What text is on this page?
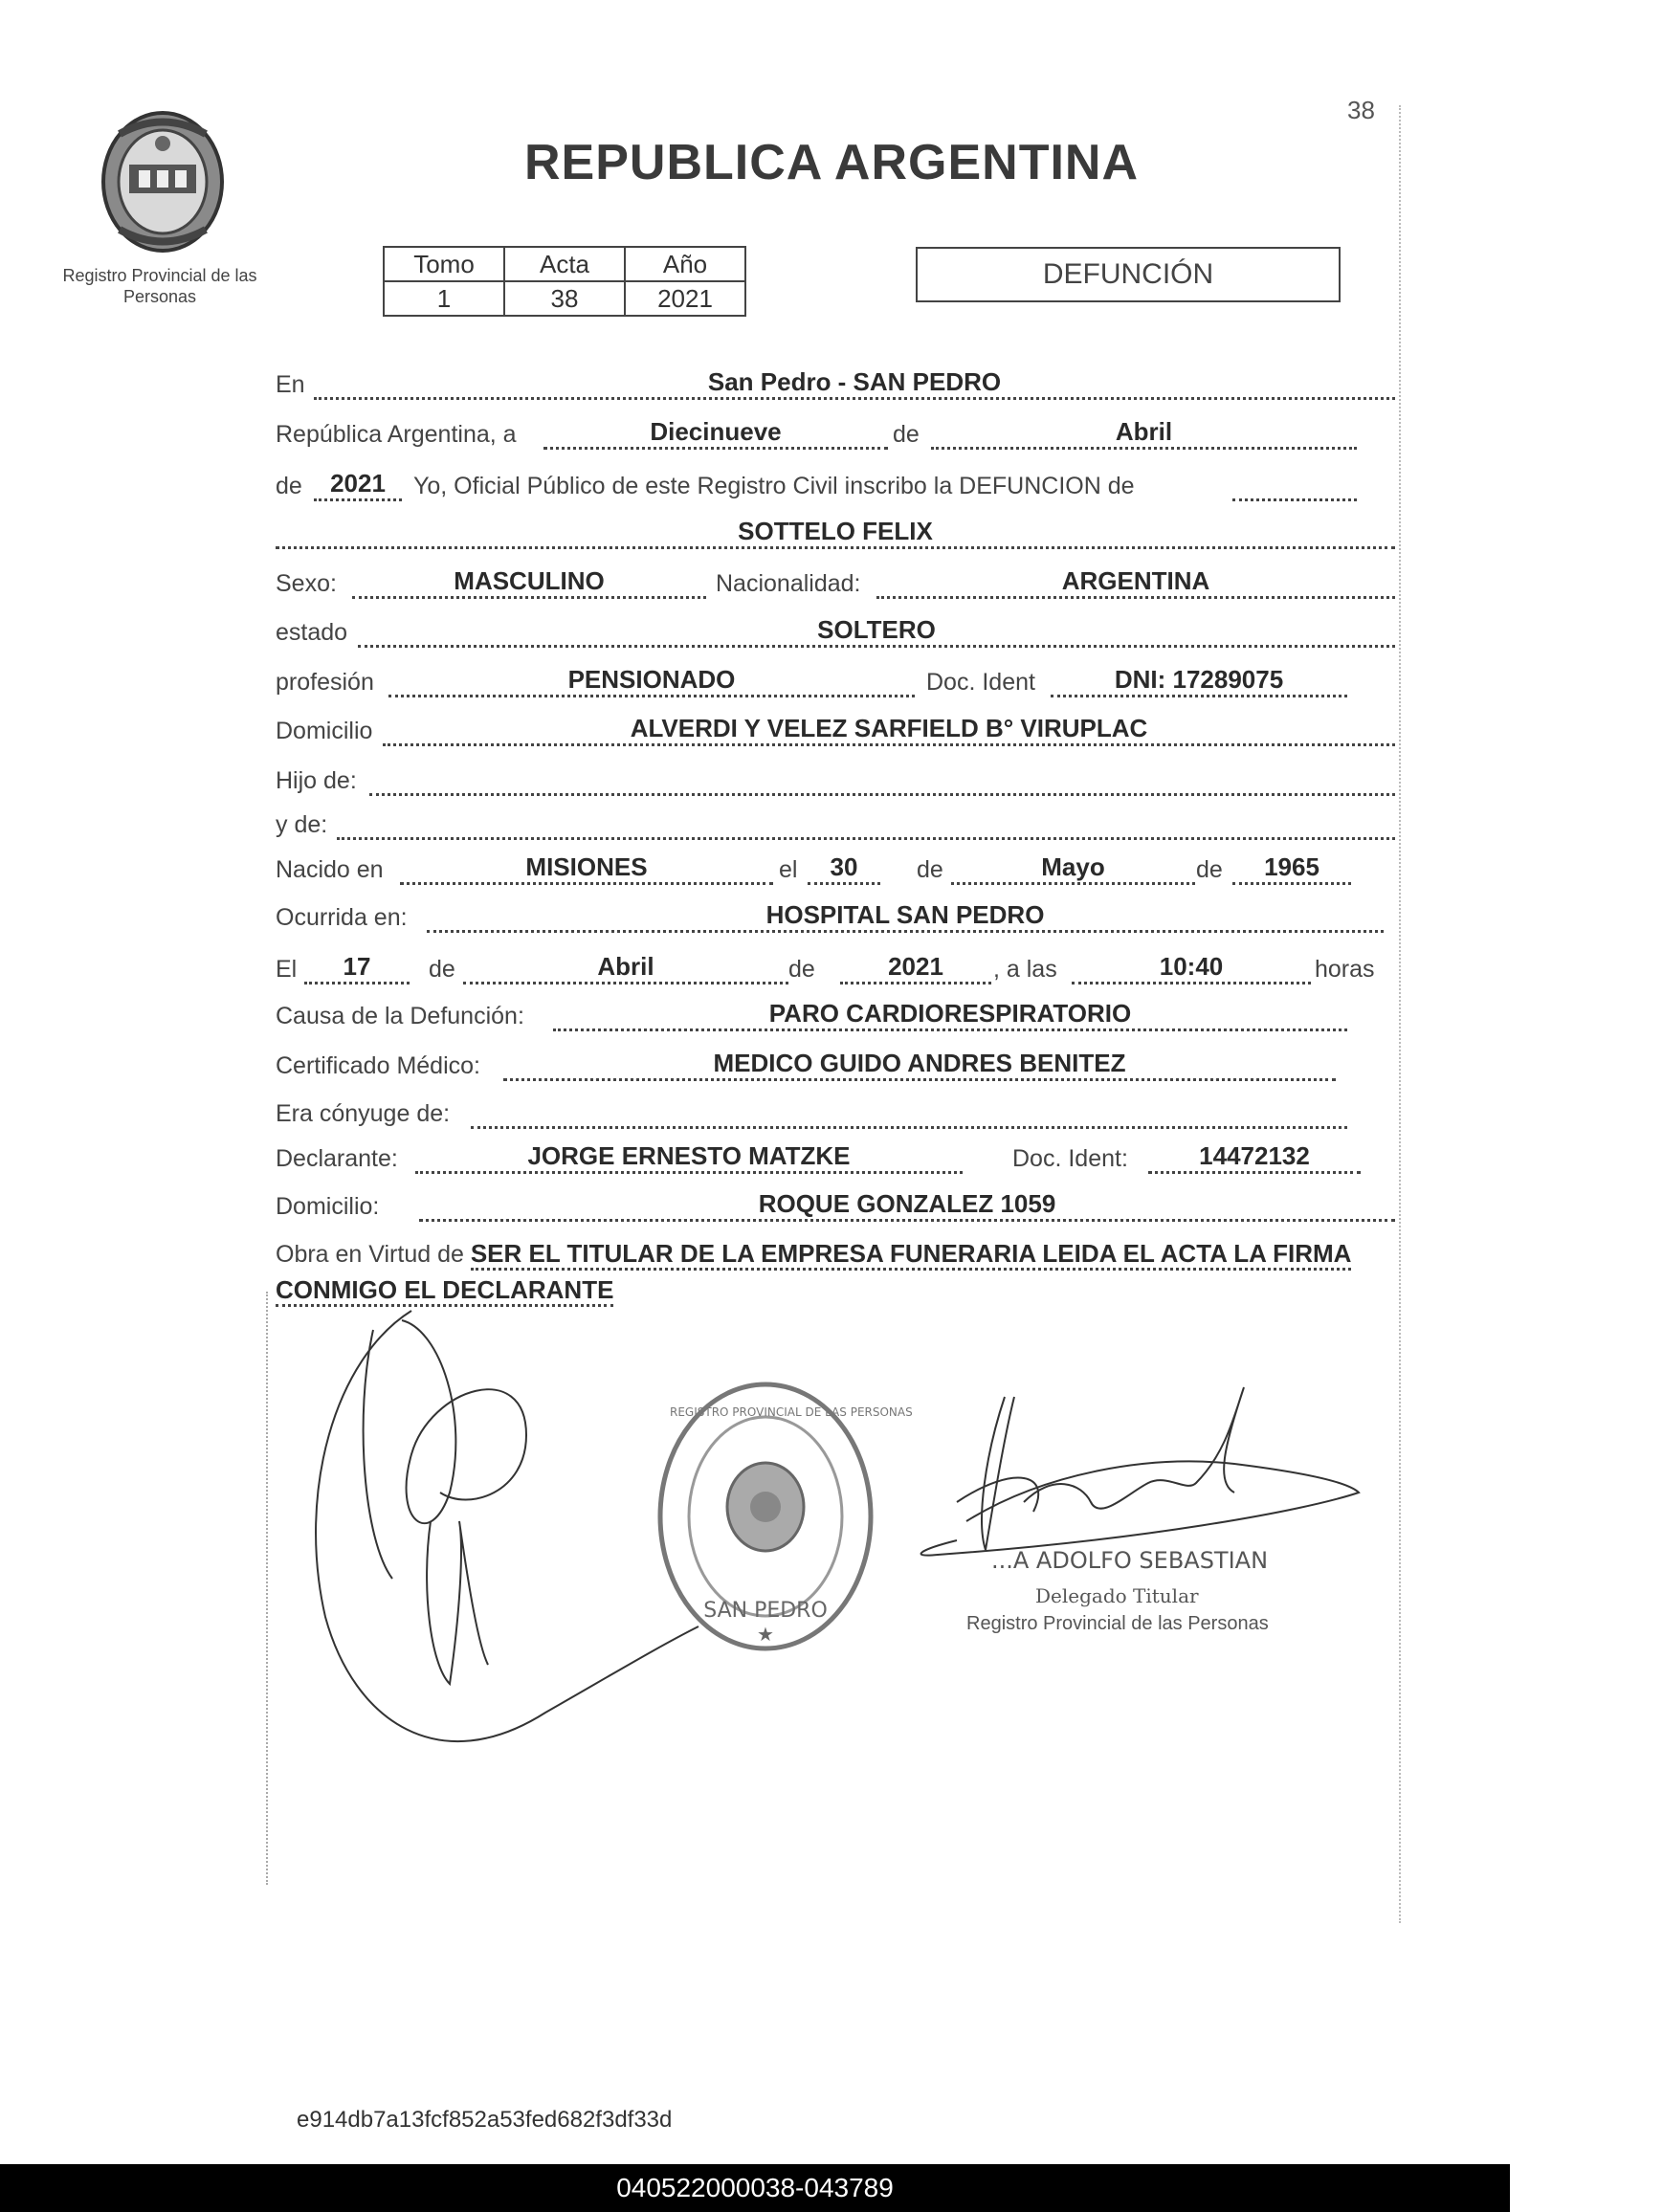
38
Registro Provincial de las Personas
REPUBLICA ARGENTINA
Tomo	Acta	Año
1	38	2021
DEFUNCIÓN
En	San Pedro - SAN PEDRO
República Argentina, a	Diecinueve	de	Abril
de	2021	Yo, Oficial Público de este Registro Civil inscribo la DEFUNCION de
SOTTELO FELIX
Sexo:	MASCULINO	Nacionalidad:	ARGENTINA
estado	SOLTERO
profesión	PENSIONADO	Doc. Ident	DNI: 17289075
Domicilio	ALVERDI Y VELEZ SARFIELD B° VIRUPLAC
Hijo de:
y de:
Nacido en	MISIONES	el	30	de	Mayo	de	1965
Ocurrida en:	HOSPITAL SAN PEDRO
El	17	de	Abril	de	2021	, a las	10:40	horas
Causa de la Defunción:	PARO CARDIORESPIRATORIO
Certificado Médico:	MEDICO GUIDO ANDRES BENITEZ
Era cónyuge de:
Declarante:	JORGE ERNESTO MATZKE	Doc. Ident:	14472132
Domicilio:	ROQUE GONZALEZ 1059
Obra en Virtud de SER EL TITULAR DE LA EMPRESA FUNERARIA LEIDA EL ACTA LA FIRMA CONMIGO EL DECLARANTE
SAN PEDRO
★
REGISTRO PROVINCIAL DE LAS PERSONAS
...A ADOLFO SEBASTIAN
Delegado Titular
Registro Provincial de las Personas
e914db7a13fcf852a53fed682f3df33d
040522000038-043789
